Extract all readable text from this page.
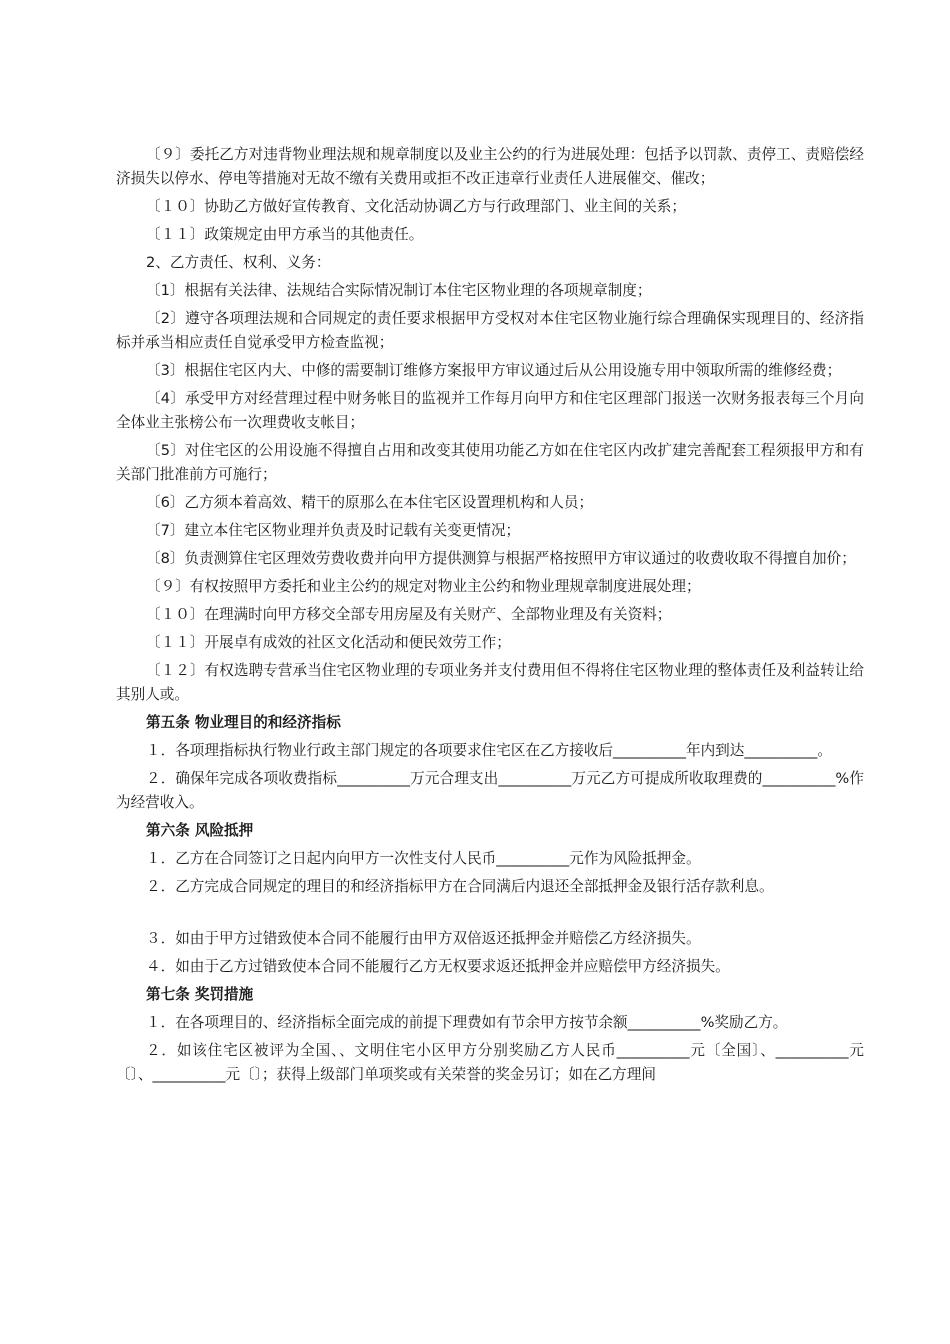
〔９〕委托乙方对违背物业理法规和规章制度以及业主公约的行为进展处理：包括予以罚款、责停工、责赔偿经济损失以停水、停电等措施对无故不缴有关费用或拒不改正违章行业责任人进展催交、催改；
〔１０〕协助乙方做好宣传教育、文化活动协调乙方与行政理部门、业主间的关系；
〔１１〕政策规定由甲方承当的其他责任。
2、乙方责任、权利、义务：
〔1〕根据有关法律、法规结合实际情况制订本住宅区物业理的各项规章制度；
〔2〕遵守各项理法规和合同规定的责任要求根据甲方受权对本住宅区物业施行综合理确保实现理目的、经济指标并承当相应责任自觉承受甲方检查监视；
〔3〕根据住宅区内大、中修的需要制订维修方案报甲方审议通过后从公用设施专用中领取所需的维修经费；
〔4〕承受甲方对经营理过程中财务帐目的监视并工作每月向甲方和住宅区理部门报送一次财务报表每三个月向全体业主张榜公布一次理费收支帐目；
〔5〕对住宅区的公用设施不得擅自占用和改变其使用功能乙方如在住宅区内改扩建完善配套工程须报甲方和有关部门批准前方可施行；
〔6〕乙方须本着高效、精干的原那么在本住宅区设置理机构和人员；
〔7〕建立本住宅区物业理并负责及时记载有关变更情况；
〔8〕负责测算住宅区理效劳费收费并向甲方提供测算与根据严格按照甲方审议通过的收费收取不得擅自加价；
〔９〕有权按照甲方委托和业主公约的规定对物业主公约和物业理规章制度进展处理；
〔１０〕在理满时向甲方移交全部专用房屋及有关财产、全部物业理及有关资料；
〔１１〕开展卓有成效的社区文化活动和便民效劳工作；
〔１２〕有权选聘专营承当住宅区物业理的专项业务并支付费用但不得将住宅区物业理的整体责任及利益转让给其别人或。
第五条 物业理目的和经济指标
１．各项理指标执行物业行政主部门规定的各项要求住宅区在乙方接收后__________年内到达__________。
２．确保年完成各项收费指标__________万元合理支出__________万元乙方可提成所收取理费的__________%作为经营收入。
第六条 风险抵押
１．乙方在合同签订之日起内向甲方一次性支付人民币__________元作为风险抵押金。
２．乙方完成合同规定的理目的和经济指标甲方在合同满后内退还全部抵押金及银行活存款利息。
３．如由于甲方过错致使本合同不能履行由甲方双倍返还抵押金并赔偿乙方经济损失。
４．如由于乙方过错致使本合同不能履行乙方无权要求返还抵押金并应赔偿甲方经济损失。
第七条 奖罚措施
１．在各项理目的、经济指标全面完成的前提下理费如有节余甲方按节余额__________%奖励乙方。
２．如该住宅区被评为全国、、文明住宅小区甲方分别奖励乙方人民币__________元〔全国〕、__________元〔〕、__________元〔〕；获得上级部门单项奖或有关荣誉的奖金另订；如在乙方理间
